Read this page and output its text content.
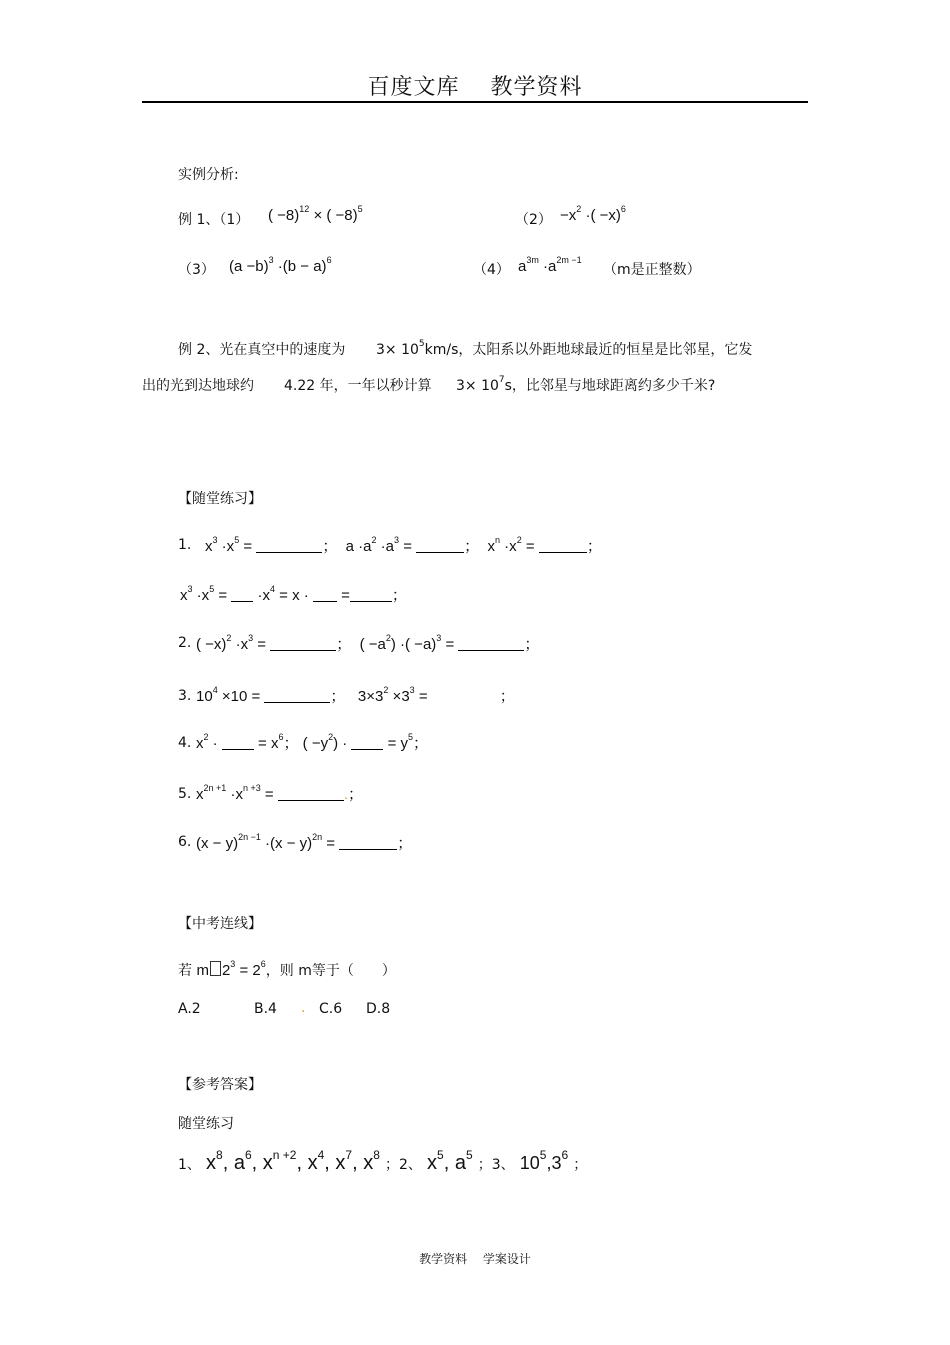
百度文库　 教学资料
实例分析:
例 1、（1） ( −8)$^{12}$ × ( −8)$^5$
$(2) -x^2$ ·( −x)$^6$
（3） $(a -b)^3 \cdot(b - a)^6$
（4） $a^{3m} \cdot a^{2m -1}$
（m是正整数）
例 2、光在真空中的速度为 $3\times 10^5km/s$，太阳系以外距地球最近的恒星是比邻星，它发
出的光到达地球约 4.22 年，一年以秒计算 $3\times 10^7s$，比邻星与地球距离约多少千米?
【随堂练习】
1. $x^3 \cdot x^5$ =	；  $a \cdot a^2 \cdot a^3$ =	；  $x^n \cdot x^2$ =	；
$x^3 \cdot x^5 = \cdot x^4 = x$ ·  =	；
2. ( $-x)^2 \cdot x^3$ =	；  ( $-a^2$) ·( −a)$^3$ =	；
3. $10^4 \times 10$ =	；   $3\times 3^2 \times 3^3$ =	；
4. $x^2$ ·  = $x^6$； ( $-y^2$) ·  = $y^5$；
5. $x^{2n +1} \cdot x^{n +3}$ =	.；
6. $(x - y)^{2n -1} \cdot(x - y)^{2n}$ =	；
【中考连线】
若 m $2^3 = 2^6$，则 m等于（　　）
A.2	B.4 . C.6 D.8
【参考答案】
随堂练习
1、 $x^8$, $a^6$, $x^{n +2}$, $x^4$, $x^7$, $x^8$ ；2、 $x^5$, $a^5$ ；3、 $10^5,3^6$ ；
教学资料　 学案设计
